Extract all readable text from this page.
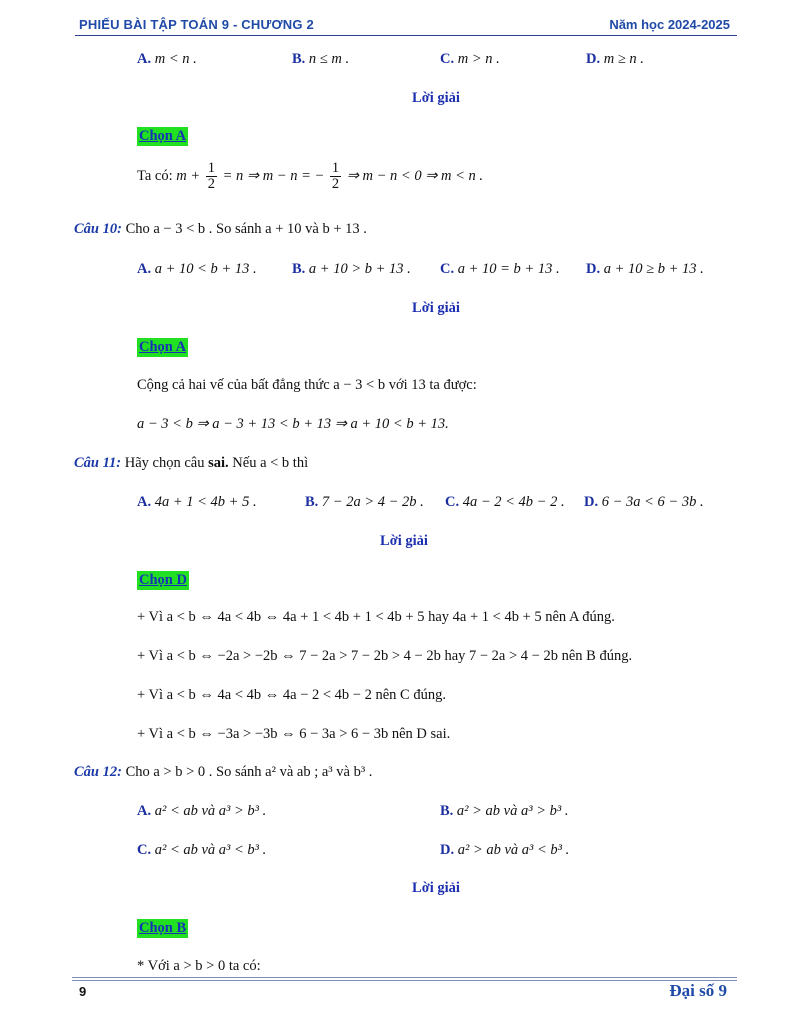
PHIẾU BÀI TẬP TOÁN 9 - CHƯƠNG 2	Năm học 2024-2025
A. m < n .	B. n ≤ m .	C. m > n .	D. m ≥ n .
Lời giải
Chọn A
Ta có: $m + \frac{1}{2} = n$ ⇒ m − n = − $\frac{1}{2}$ ⇒ m − n < 0 ⇒ m < n .
Câu 10: Cho a − 3 < b . So sánh a + 10 và b + 13 .
A. a + 10 < b + 13 . B. a + 10 > b + 13 . C. a + 10 = b + 13 . D. a + 10 ≥ b + 13 .
Lời giải
Chọn A
Cộng cả hai vế của bất đẳng thức a − 3 < b với 13 ta được:
a − 3 < b ⇒ a − 3 + 13 < b + 13 ⇒ a + 10 < b + 13.
Câu 11: Hãy chọn câu sai. Nếu a < b thì
A. 4a + 1 < 4b + 5 .	B. 7 − 2a > 4 − 2b . C. 4a − 2 < 4b − 2 . D. 6 − 3a < 6 − 3b .
Lời giải
Chọn D
+ Vì a < b ⇔ 4a < 4b ⇔ 4a + 1 < 4b + 1 < 4b + 5 hay 4a + 1 < 4b + 5 nên A đúng.
+ Vì a < b ⇔ −2a > −2b ⇔ 7 − 2a > 7 − 2b > 4 − 2b hay 7 − 2a > 4 − 2b nên B đúng.
+ Vì a < b ⇔ 4a < 4b ⇔ 4a − 2 < 4b − 2 nên C đúng.
+ Vì a < b ⇔ −3a > −3b ⇔ 6 − 3a > 6 − 3b nên D sai.
Câu 12: Cho a > b > 0 . So sánh a² và ab ; a³ và b³ .
A. a² < ab và a³ > b³ .	B. a² > ab và a³ > b³ .
C. a² < ab và a³ < b³ .	D. a² > ab và a³ < b³ .
Lời giải
Chọn B
* Với a > b > 0 ta có:
9	Đại số 9
